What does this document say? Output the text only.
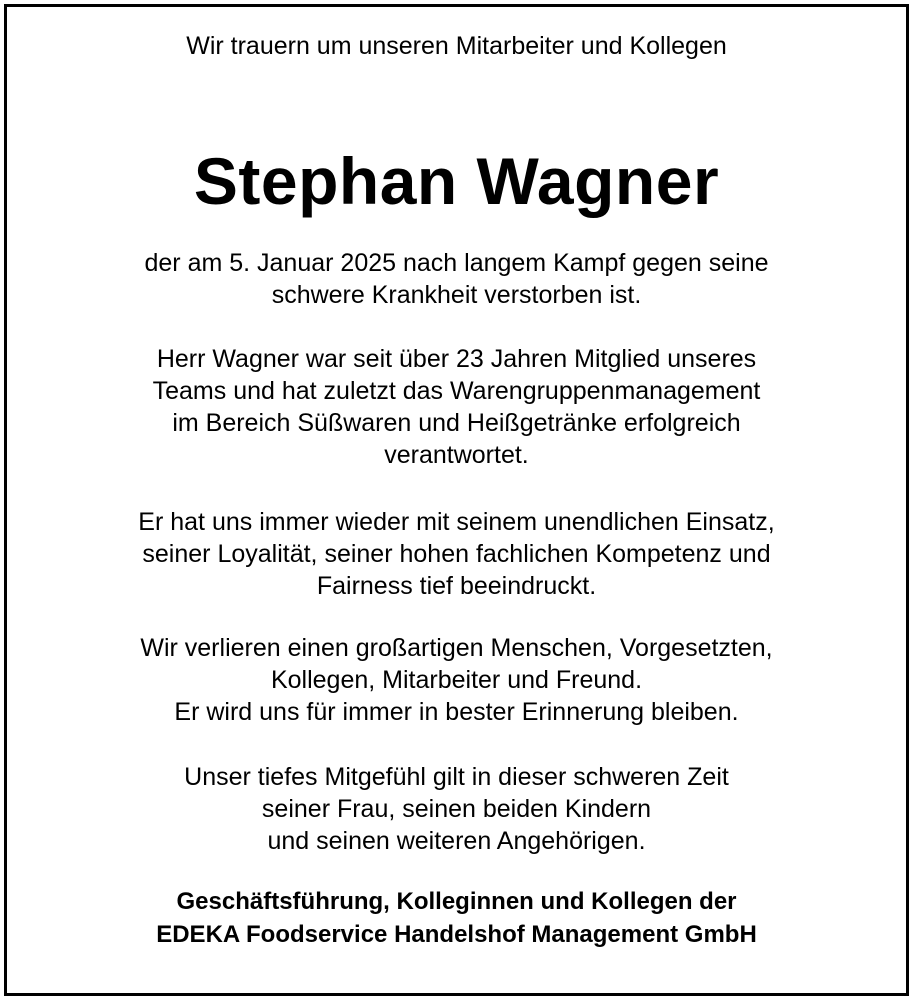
Wir trauern um unseren Mitarbeiter und Kollegen

Stephan Wagner

der am 5. Januar 2025 nach langem Kampf gegen seine
schwere Krankheit verstorben ist.

Herr Wagner war seit über 23 Jahren Mitglied unseres
Teams und hat zuletzt das Warengruppenmanagement
im Bereich Süßwaren und Heißgetränke erfolgreich
verantwortet.

Er hat uns immer wieder mit seinem unendlichen Einsatz,
seiner Loyalität, seiner hohen fachlichen Kompetenz und
Fairness tief beeindruckt.

Wir verlieren einen großartigen Menschen, Vorgesetzten,
Kollegen, Mitarbeiter und Freund.
Er wird uns für immer in bester Erinnerung bleiben.

Unser tiefes Mitgefühl gilt in dieser schweren Zeit
seiner Frau, seinen beiden Kindern
und seinen weiteren Angehörigen.

Geschäftsführung, Kolleginnen und Kollegen der
EDEKA Foodservice Handelshof Management GmbH
